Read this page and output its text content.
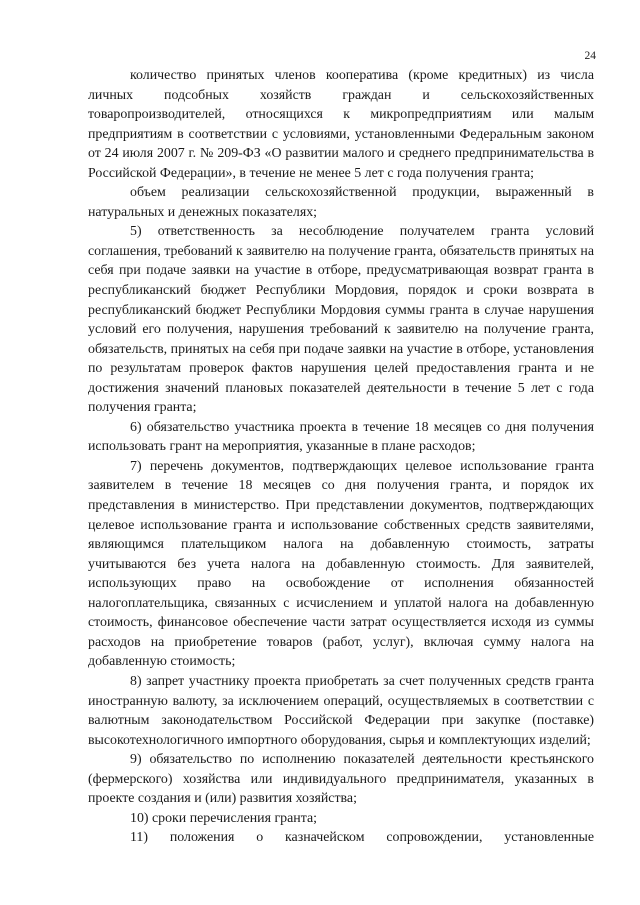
24

количество принятых членов кооператива (кроме кредитных) из числа личных подсобных хозяйств граждан и сельскохозяйственных товаропроизводителей, относящихся к микропредприятиям или малым предприятиям в соответствии с условиями, установленными Федеральным законом от 24 июля 2007 г. № 209-ФЗ «О развитии малого и среднего предпринимательства в Российской Федерации», в течение не менее 5 лет с года получения гранта;

объем реализации сельскохозяйственной продукции, выраженный в натуральных и денежных показателях;

5) ответственность за несоблюдение получателем гранта условий соглашения, требований к заявителю на получение гранта, обязательств принятых на себя при подаче заявки на участие в отборе, предусматривающая возврат гранта в республиканский бюджет Республики Мордовия, порядок и сроки возврата в республиканский бюджет Республики Мордовия суммы гранта в случае нарушения условий его получения, нарушения требований к заявителю на получение гранта, обязательств, принятых на себя при подаче заявки на участие в отборе, установления по результатам проверок фактов нарушения целей предоставления гранта и не достижения значений плановых показателей деятельности в течение 5 лет с года получения гранта;

6) обязательство участника проекта в течение 18 месяцев со дня получения использовать грант на мероприятия, указанные в плане расходов;

7) перечень документов, подтверждающих целевое использование гранта заявителем в течение 18 месяцев со дня получения гранта, и порядок их представления в министерство. При представлении документов, подтверждающих целевое использование гранта и использование собственных средств заявителями, являющимся плательщиком налога на добавленную стоимость, затраты учитываются без учета налога на добавленную стоимость. Для заявителей, использующих право на освобождение от исполнения обязанностей налогоплательщика, связанных с исчислением и уплатой налога на добавленную стоимость, финансовое обеспечение части затрат осуществляется исходя из суммы расходов на приобретение товаров (работ, услуг), включая сумму налога на добавленную стоимость;

8) запрет участнику проекта приобретать за счет полученных средств гранта иностранную валюту, за исключением операций, осуществляемых в соответствии с валютным законодательством Российской Федерации при закупке (поставке) высокотехнологичного импортного оборудования, сырья и комплектующих изделий;

9) обязательство по исполнению показателей деятельности крестьянского (фермерского) хозяйства или индивидуального предпринимателя, указанных в проекте создания и (или) развития хозяйства;

10) сроки перечисления гранта;

11) положения о казначейском сопровождении, установленные
